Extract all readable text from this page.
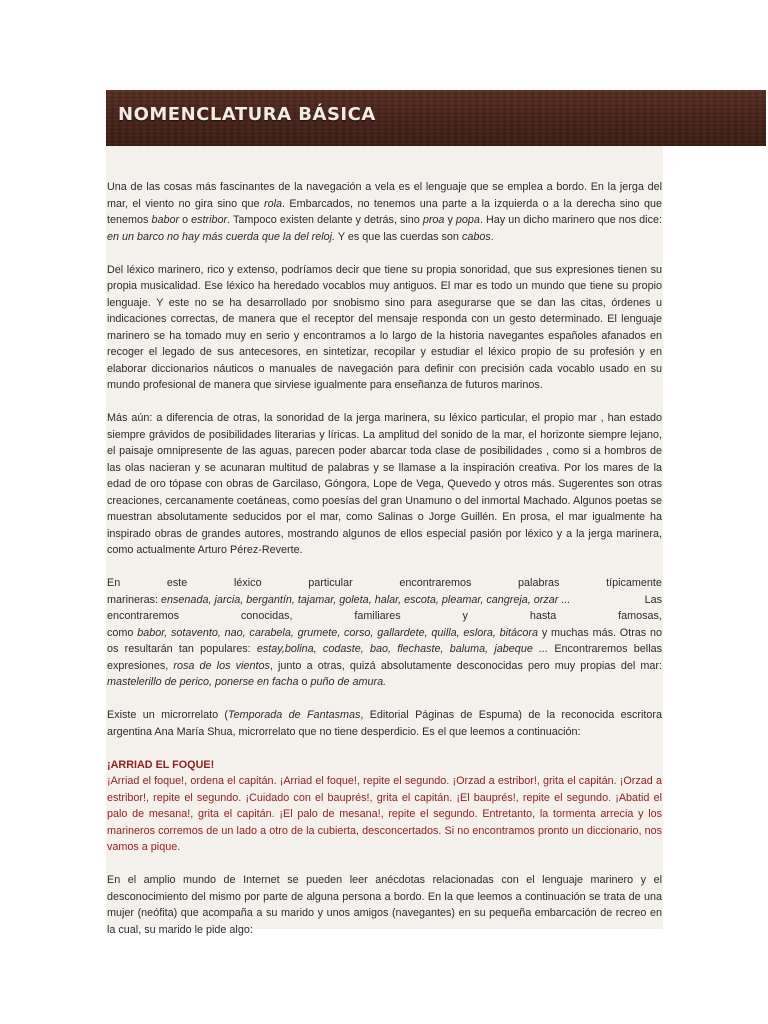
NOMENCLATURA BÁSICA

Una de las cosas más fascinantes de la navegación a vela es el lenguaje que se emplea a bordo. En la jerga del mar, el viento no gira sino que rola. Embarcados, no tenemos una parte a la izquierda o a la derecha sino que tenemos babor o estribor. Tampoco existen delante y detrás, sino proa y popa. Hay un dicho marinero que nos dice: en un barco no hay más cuerda que la del reloj. Y es que las cuerdas son cabos.

Del léxico marinero, rico y extenso, podríamos decir que tiene su propia sonoridad, que sus expresiones tienen su propia musicalidad. Ese léxico ha heredado vocablos muy antiguos. El mar es todo un mundo que tiene su propio lenguaje. Y este no se ha desarrollado por snobismo sino para asegurarse que se dan las citas, órdenes u indicaciones correctas, de manera que el receptor del mensaje responda con un gesto determinado. El lenguaje marinero se ha tomado muy en serio y encontramos a lo largo de la historia navegantes españoles afanados en recoger el legado de sus antecesores, en sintetizar, recopilar y estudiar el léxico propio de su profesión y en elaborar diccionarios náuticos o manuales de navegación para definir con precisión cada vocablo usado en su mundo profesional de manera que sirviese igualmente para enseñanza de futuros marinos.

Más aún: a diferencia de otras, la sonoridad de la jerga marinera, su léxico particular, el propio mar , han estado siempre grávidos de posibilidades literarias y líricas. La amplitud del sonido de la mar, el horizonte siempre lejano, el paisaje omnipresente de las aguas, parecen poder abarcar toda clase de posibilidades , como si a hombros de las olas nacieran y se acunaran multitud de palabras y se llamase a la inspiración creativa. Por los mares de la edad de oro tópase con obras de Garcilaso, Góngora, Lope de Vega, Quevedo y otros más. Sugerentes son otras creaciones, cercanamente coetáneas, como poesías del gran Unamuno o del inmortal Machado. Algunos poetas se muestran absolutamente seducidos por el mar, como Salinas o Jorge Guillén. En prosa, el mar igualmente ha inspirado obras de grandes autores, mostrando algunos de ellos especial pasión por léxico y a la jerga marinera, como actualmente Arturo Pérez-Reverte.

En	este	léxico	particular	encontraremos	palabras	típicamente
marineras: ensenada, jarcia, bergantín, tajamar, goleta, halar, escota, pleamar, cangreja, orzar ...	Las
encontraremos	conocidas,	familiares	y	hasta	famosas,

como babor, sotavento, nao, carabela, grumete, corso, gallardete, quilla, eslora, bitácora y muchas más. Otras no os resultarán tan populares: estay,bolina, codaste, bao, flechaste, baluma, jabeque ... Encontraremos bellas expresiones, rosa de los vientos, junto a otras, quizá absolutamente desconocidas pero muy propias del mar: mastelerillo de perico, ponerse en facha o puño de amura.

Existe un microrrelato (Temporada de Fantasmas, Editorial Páginas de Espuma) de la reconocida escritora argentina Ana María Shua, microrrelato que no tiene desperdicio. Es el que leemos a continuación:

¡ARRIAD EL FOQUE!

¡Arriad el foque!, ordena el capitán. ¡Arriad el foque!, repite el segundo. ¡Orzad a estribor!, grita el capitán. ¡Orzad a estribor!, repite el segundo. ¡Cuidado con el bauprés!, grita el capitán. ¡El bauprés!, repite el segundo. ¡Abatid el palo de mesana!, grita el capitán. ¡El palo de mesana!, repite el segundo. Entretanto, la tormenta arrecia y los marineros corremos de un lado a otro de la cubierta, desconcertados. Si no encontramos pronto un diccionario, nos vamos a pique.

En el amplio mundo de Internet se pueden leer anécdotas relacionadas con el lenguaje marinero y el desconocimiento del mismo por parte de alguna persona a bordo. En la que leemos a continuación se trata de una mujer (neófita) que acompaña a su marido y unos amigos (navegantes) en su pequeña embarcación de recreo en la cual, su marido le pide algo:
